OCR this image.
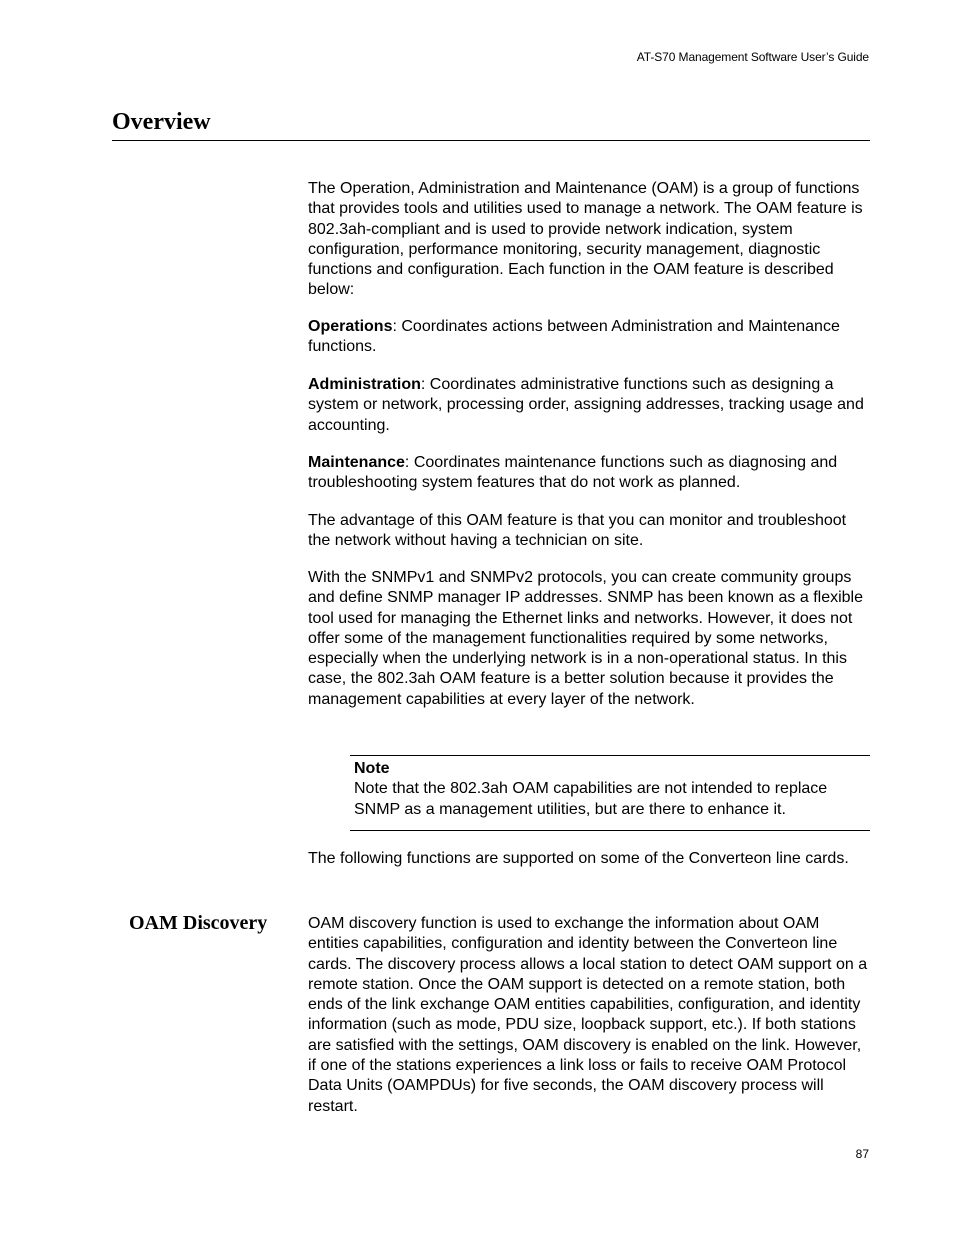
AT-S70 Management Software User’s Guide
Overview

The Operation, Administration and Maintenance (OAM) is a group of functions that provides tools and utilities used to manage a network. The OAM feature is 802.3ah-compliant and is used to provide network indication, system configuration, performance monitoring, security management, diagnostic functions and configuration. Each function in the OAM feature is described below:

Operations: Coordinates actions between Administration and Maintenance functions.

Administration: Coordinates administrative functions such as designing a system or network, processing order, assigning addresses, tracking usage and accounting.

Maintenance: Coordinates maintenance functions such as diagnosing and troubleshooting system features that do not work as planned.

The advantage of this OAM feature is that you can monitor and troubleshoot the network without having a technician on site.

With the SNMPv1 and SNMPv2 protocols, you can create community groups and define SNMP manager IP addresses. SNMP has been known as a flexible tool used for managing the Ethernet links and networks. However, it does not offer some of the management functionalities required by some networks, especially when the underlying network is in a non-operational status. In this case, the 802.3ah OAM feature is a better solution because it provides the management capabilities at every layer of the network.

Note
Note that the 802.3ah OAM capabilities are not intended to replace SNMP as a management utilities, but are there to enhance it.

The following functions are supported on some of the Converteon line cards.

OAM Discovery	OAM discovery function is used to exchange the information about OAM entities capabilities, configuration and identity between the Converteon line cards. The discovery process allows a local station to detect OAM support on a remote station. Once the OAM support is detected on a remote station, both ends of the link exchange OAM entities capabilities, configuration, and identity information (such as mode, PDU size, loopback support, etc.). If both stations are satisfied with the settings, OAM discovery is enabled on the link. However, if one of the stations experiences a link loss or fails to receive OAM Protocol Data Units (OAMPDUs) for five seconds, the OAM discovery process will restart.

87
